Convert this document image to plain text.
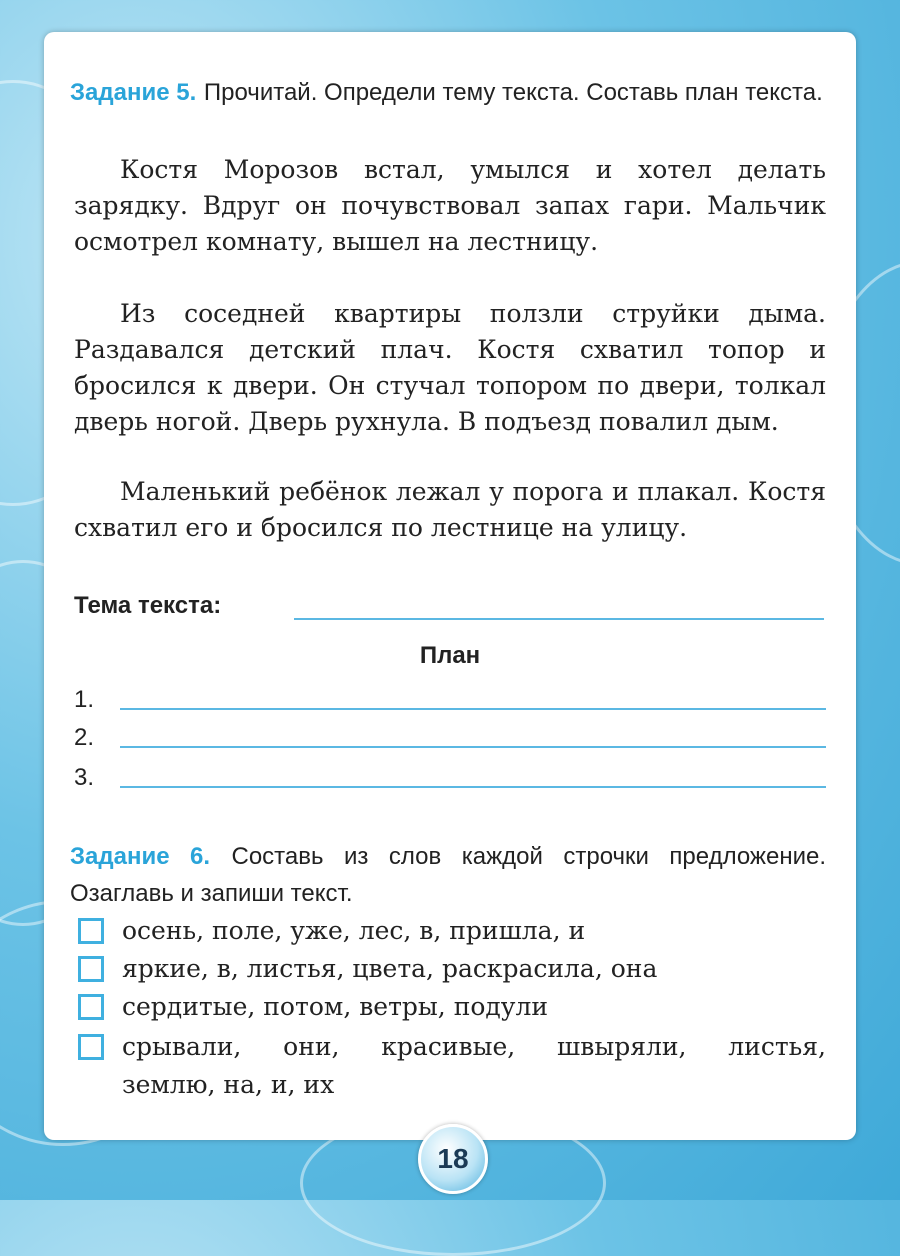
Задание 5. Прочитай. Определи тему текста. Составь план текста.
Костя Морозов встал, умылся и хотел делать зарядку. Вдруг он почувствовал запах гари. Мальчик осмотрел комнату, вышел на лестницу.
Из соседней квартиры ползли струйки дыма. Раздавался детский плач. Костя схватил топор и бросился к двери. Он стучал топором по двери, толкал дверь ногой. Дверь рухнула. В подъезд повалил дым.
Маленький ребёнок лежал у порога и плакал. Костя схватил его и бросился по лестнице на улицу.
Тема текста:
План
1.
2.
3.
Задание 6. Составь из слов каждой строчки предложение. Озаглавь и запиши текст.
осень, поле, уже, лес, в, пришла, и
яркие, в, листья, цвета, раскрасила, она
сердитые, потом, ветры, подули
срывали, они, красивые, швыряли, листья,
землю, на, и, их
18
